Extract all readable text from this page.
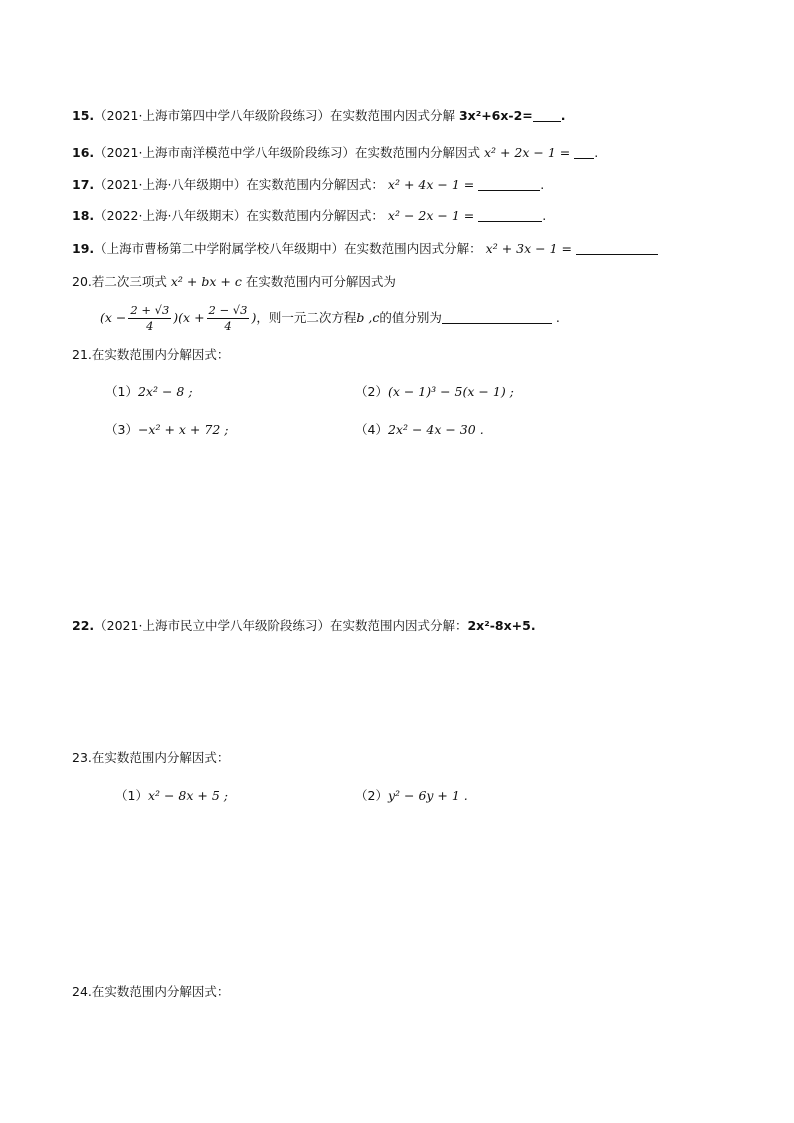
15.（2021·上海市第四中学八年级阶段练习）在实数范围内因式分解 3x²+6x-2= .
16.（2021·上海市南洋模范中学八年级阶段练习）在实数范围内分解因式 x² + 2x − 1 = .
17.（2021·上海·八年级期中）在实数范围内分解因式： x² + 4x − 1 =	.
18.（2022·上海·八年级期末）在实数范围内分解因式： x² − 2x − 1 =	.
19.（上海市曹杨第二中学附属学校八年级期中）在实数范围内因式分解： x² + 3x − 1 =
20.若二次三项式 x² + bx + c 在实数范围内可分解因式为
$(x - \frac{2 + √3}{4} )(x + \frac{2 - √3}{4}$ )，则一元二次方程b ,c的值分别为	.
21.在实数范围内分解因式：
（1）2x² − 8 ;	（2）(x − 1)³ − 5(x − 1) ;
（3）−x² + x + 72 ;	（4）2x² − 4x − 30 .
22.（2021·上海市民立中学八年级阶段练习）在实数范围内因式分解：2x²-8x+5.
23.在实数范围内分解因式：
（1）x² − 8x + 5 ;	（2）y² − 6y + 1 .
24.在实数范围内分解因式：
